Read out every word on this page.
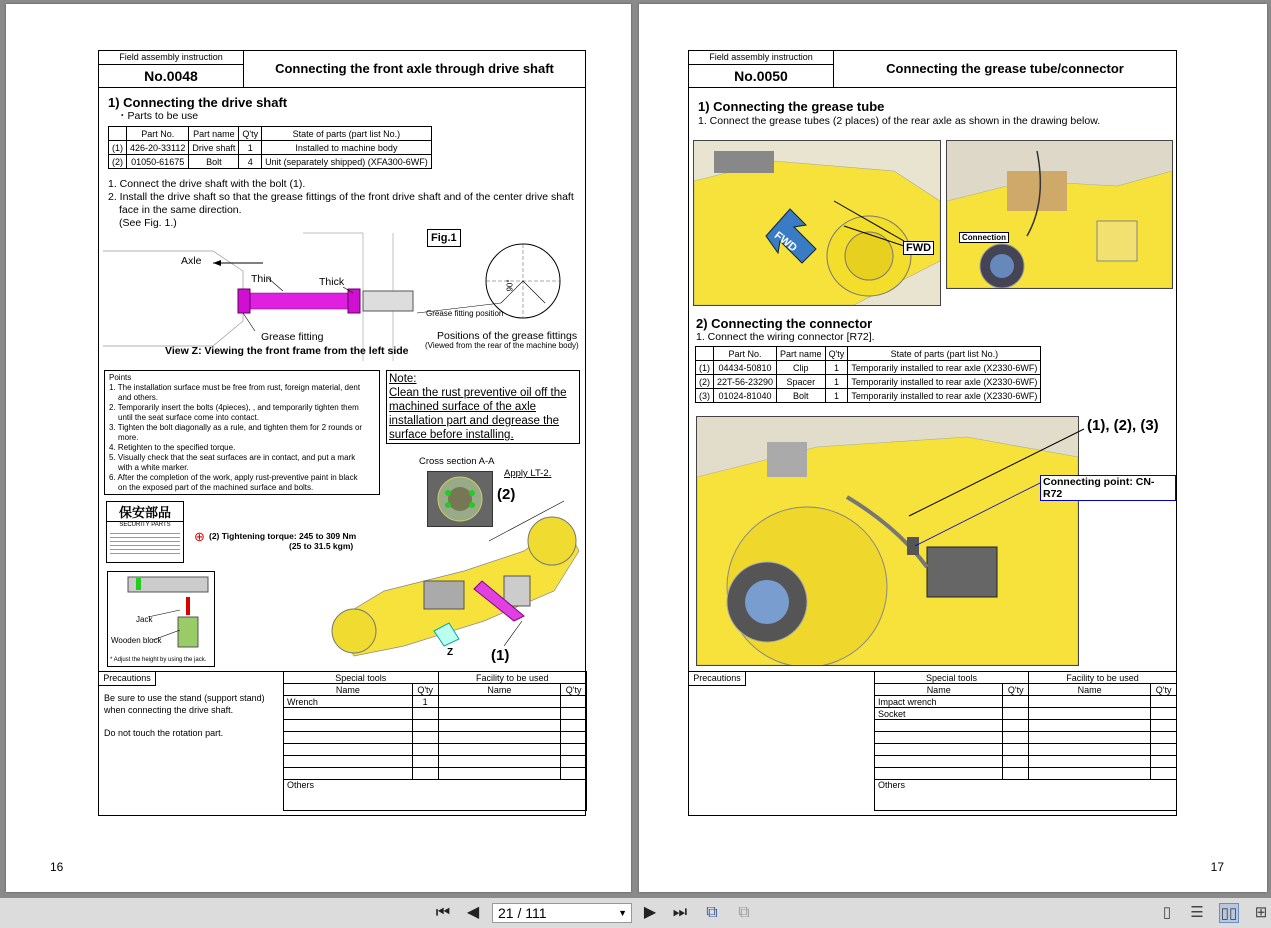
Field assembly instruction
No.0048	Connecting the front axle through drive shaft
1) Connecting the drive shaft
・Parts to be use
	Part No.	Part name	Q'ty	State of parts (part list No.)
(1)	426-20-33112	Drive shaft	1	Installed to machine body
(2)	01050-61675	Bolt	4	Unit (separately shipped) (XFA300-6WF)
1. Connect the drive shaft with the bolt (1).
2. Install the drive shaft so that the grease fittings of the front drive shaft and of the center drive shaft
face in the same direction.
(See Fig. 1.)
Fig.1
Axle
Thin	Thick
Grease fitting
Grease fitting position
90°
View Z: Viewing the front frame from the left side
Positions of the grease fittings
(Viewed from the rear of the machine body)
Points
1. The installation surface must be free from rust, foreign material, dent
and others.
2. Temporarily insert the bolts (4pieces), , and temporarily tighten them
until the seat surface come into contact.
3. Tighten the bolt diagonally as a rule, and tighten them for 2 rounds or
more.
4. Retighten to the specified torque.
5. Visually check that the seat surfaces are in contact, and put a mark
with a white marker.
6. After the completion of the work, apply rust-preventive paint in black
on the exposed part of the machined surface and bolts.
Note:
Clean the rust preventive oil off the
machined surface of the axle
installation part and degrease the
surface before installing.
Cross section A-A
Apply LT-2.
(2)
保安部品
SECURITY PARTS
⊕ (2) Tightening torque: 245 to 309 Nm
(25 to 31.5 kgm)
Jack
Wooden block
* Adjust the height by using the jack.
Z	(1)
Precautions
Be sure to use the stand (support stand)
when connecting the drive shaft.
Do not touch the rotation part.
Special tools		Facility to be used	
Name	Q'ty	Name	Q'ty
Wrench	1		

Others			
16
Field assembly instruction
No.0050	Connecting the grease tube/connector
1) Connecting the grease tube
1. Connect the grease tubes (2 places) of the rear axle as shown in the drawing below.
FWD	FWD
Connection
2) Connecting the connector
1. Connect the wiring connector [R72].
	Part No.	Part name	Q'ty	State of parts (part list No.)
(1)	04434-50810	Clip	1	Temporarily installed to rear axle (X2330-6WF)
(2)	22T-56-23290	Spacer	1	Temporarily installed to rear axle (X2330-6WF)
(3)	01024-81040	Bolt	1	Temporarily installed to rear axle (X2330-6WF)
(1), (2), (3)
Connecting point: CN-R72
Precautions	Special tools		Facility to be used	
Name	Q'ty	Name	Q'ty
Impact wrench			
Socket			

Others			
17
⏮ ◀ 21 / 111	▼ ▶ ⏭ ⧉ ⧉	▯	☰ ▯▯ ⊞
